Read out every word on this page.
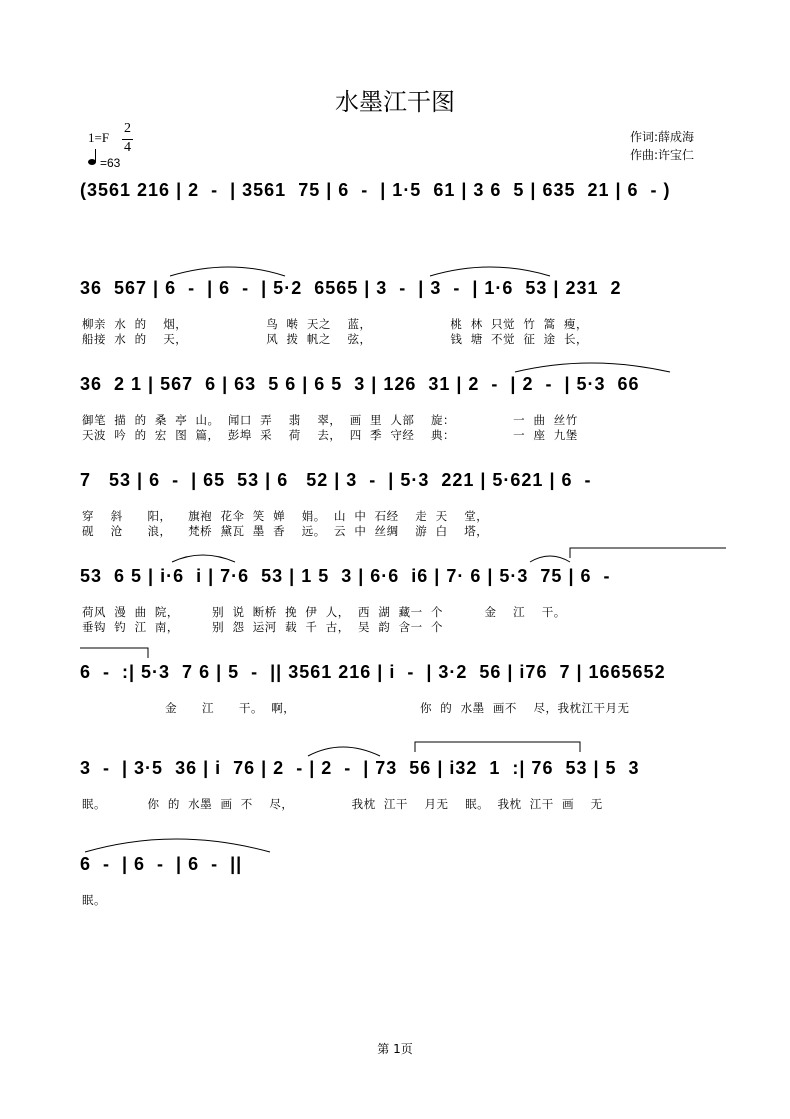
水墨江干图
1=F
2
4
=63
作词:薛成海
作曲:许宝仁
(3561 216 | 2  -  | 3561  75 | 6  -  | 1·5  61 | 3 6  5 | 635  21 | 6  - )
36  567 | 6  -  | 6  -  | 5·2  6565 | 3  -  | 3  -  | 1·6  53 | 231  2
柳亲  水  的    烟，                   鸟  啭  天之    蓝，                   桃  林  只觉  竹  篙  瘦，
船接  水  的    天，                   风  拨  帆之    弦，                   钱  塘  不觉  征  途  长，
36  2 1 | 567  6 | 63  5 6 | 6 5  3 | 126  31 | 2  -  | 2  -  | 5·3  66
御笔  描  的  桑  亭  山。  闻口  弄    翡    翠，  画  里  人部    旋：              一  曲  丝竹
天波  吟  的  宏  图  篇，  彭埠  采    荷    去，  四  季  守经    典：              一  座  九堡
7   53 | 6  -  | 65  53 | 6   52 | 3  -  | 5·3  221 | 5·621 | 6  -
穿    斜      阳，    旗袍  花伞  笑  婵    娟。  山  中  石经    走  天    堂，
砚    沧      浪，    梵桥  黛瓦  墨  香    远。  云  中  丝绸    游  白    塔，
53  6 5 | i·6  i | 7·6  53 | 1 5  3 | 6·6  i6 | 7· 6 | 5·3  75 | 6  -
荷风  漫  曲  院，        别  说  断桥  挽  伊  人，  西  湖  藏一  个          金    江    干。
垂钩  钓  江  南，        别  怨  运河  载  千  古，  吴  韵  含一  个
6  -  :| 5·3  7 6 | 5  -  || 3561 216 | i  -  | 3·2  56 | i76  7 | 1665652
金      江      干。  啊，                              你  的  水墨  画不    尽，我枕江干月无
3  -  | 3·5  36 | i  76 | 2  - | 2  -  | 73  56 | i32  1  :| 76  53 | 5  3
眠。          你  的  水墨  画  不    尽，              我枕  江干    月无    眠。  我枕  江干  画    无
6  -  | 6  -  | 6  -  ||
眠。
第 1页
